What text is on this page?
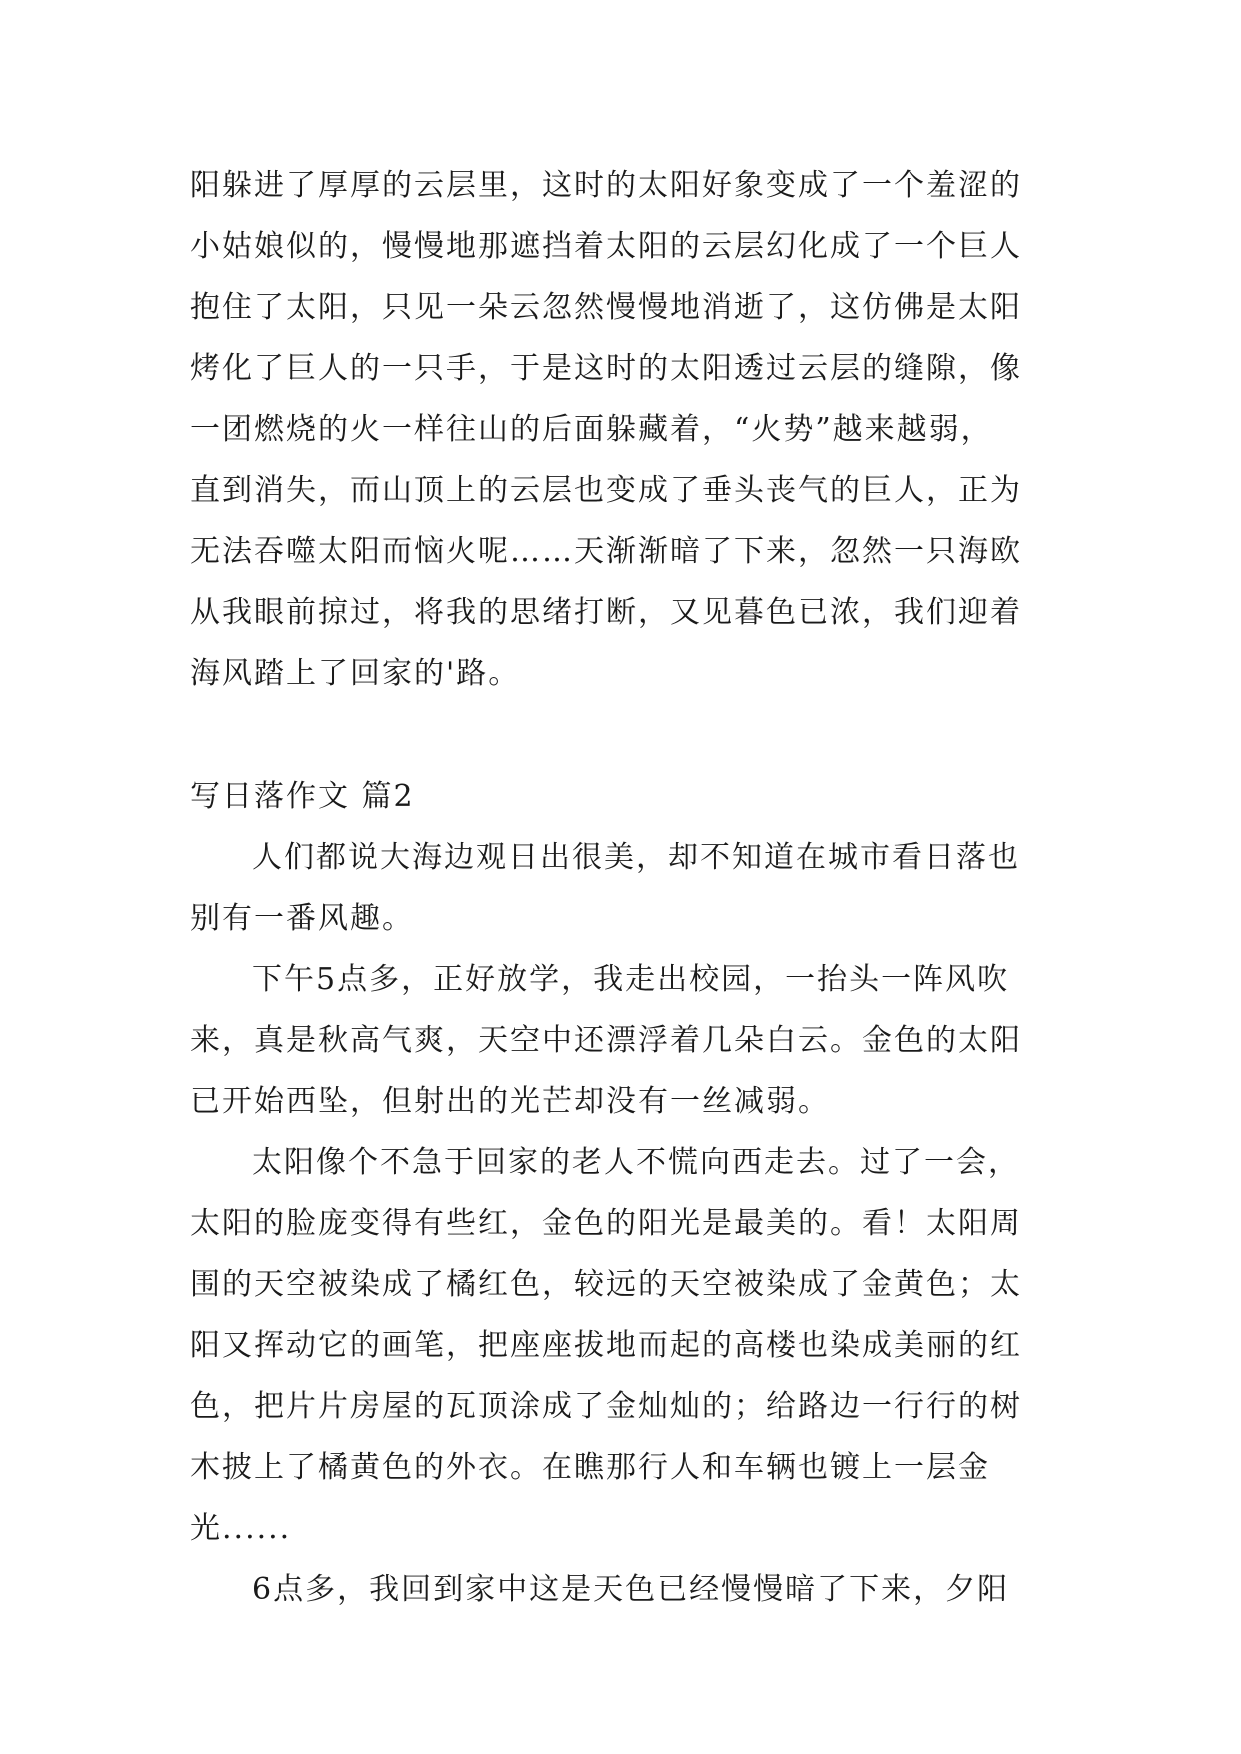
阳躲进了厚厚的云层里，这时的太阳好象变成了一个羞涩的
小姑娘似的，慢慢地那遮挡着太阳的云层幻化成了一个巨人
抱住了太阳，只见一朵云忽然慢慢地消逝了，这仿佛是太阳
烤化了巨人的一只手，于是这时的太阳透过云层的缝隙，像
一团燃烧的火一样往山的后面躲藏着，“火势”越来越弱，
直到消失，而山顶上的云层也变成了垂头丧气的巨人，正为
无法吞噬太阳而恼火呢……天渐渐暗了下来，忽然一只海欧
从我眼前掠过，将我的思绪打断，又见暮色已浓，我们迎着
海风踏上了回家的'路。
写日落作文 篇2
人们都说大海边观日出很美，却不知道在城市看日落也
别有一番风趣。
下午5点多，正好放学，我走出校园，一抬头一阵风吹
来，真是秋高气爽，天空中还漂浮着几朵白云。金色的太阳
已开始西坠，但射出的光芒却没有一丝减弱。
太阳像个不急于回家的老人不慌向西走去。过了一会，
太阳的脸庞变得有些红，金色的阳光是最美的。看！太阳周
围的天空被染成了橘红色，较远的天空被染成了金黄色；太
阳又挥动它的画笔，把座座拔地而起的高楼也染成美丽的红
色，把片片房屋的瓦顶涂成了金灿灿的；给路边一行行的树
木披上了橘黄色的外衣。在瞧那行人和车辆也镀上一层金
光......
6点多，我回到家中这是天色已经慢慢暗了下来，夕阳
